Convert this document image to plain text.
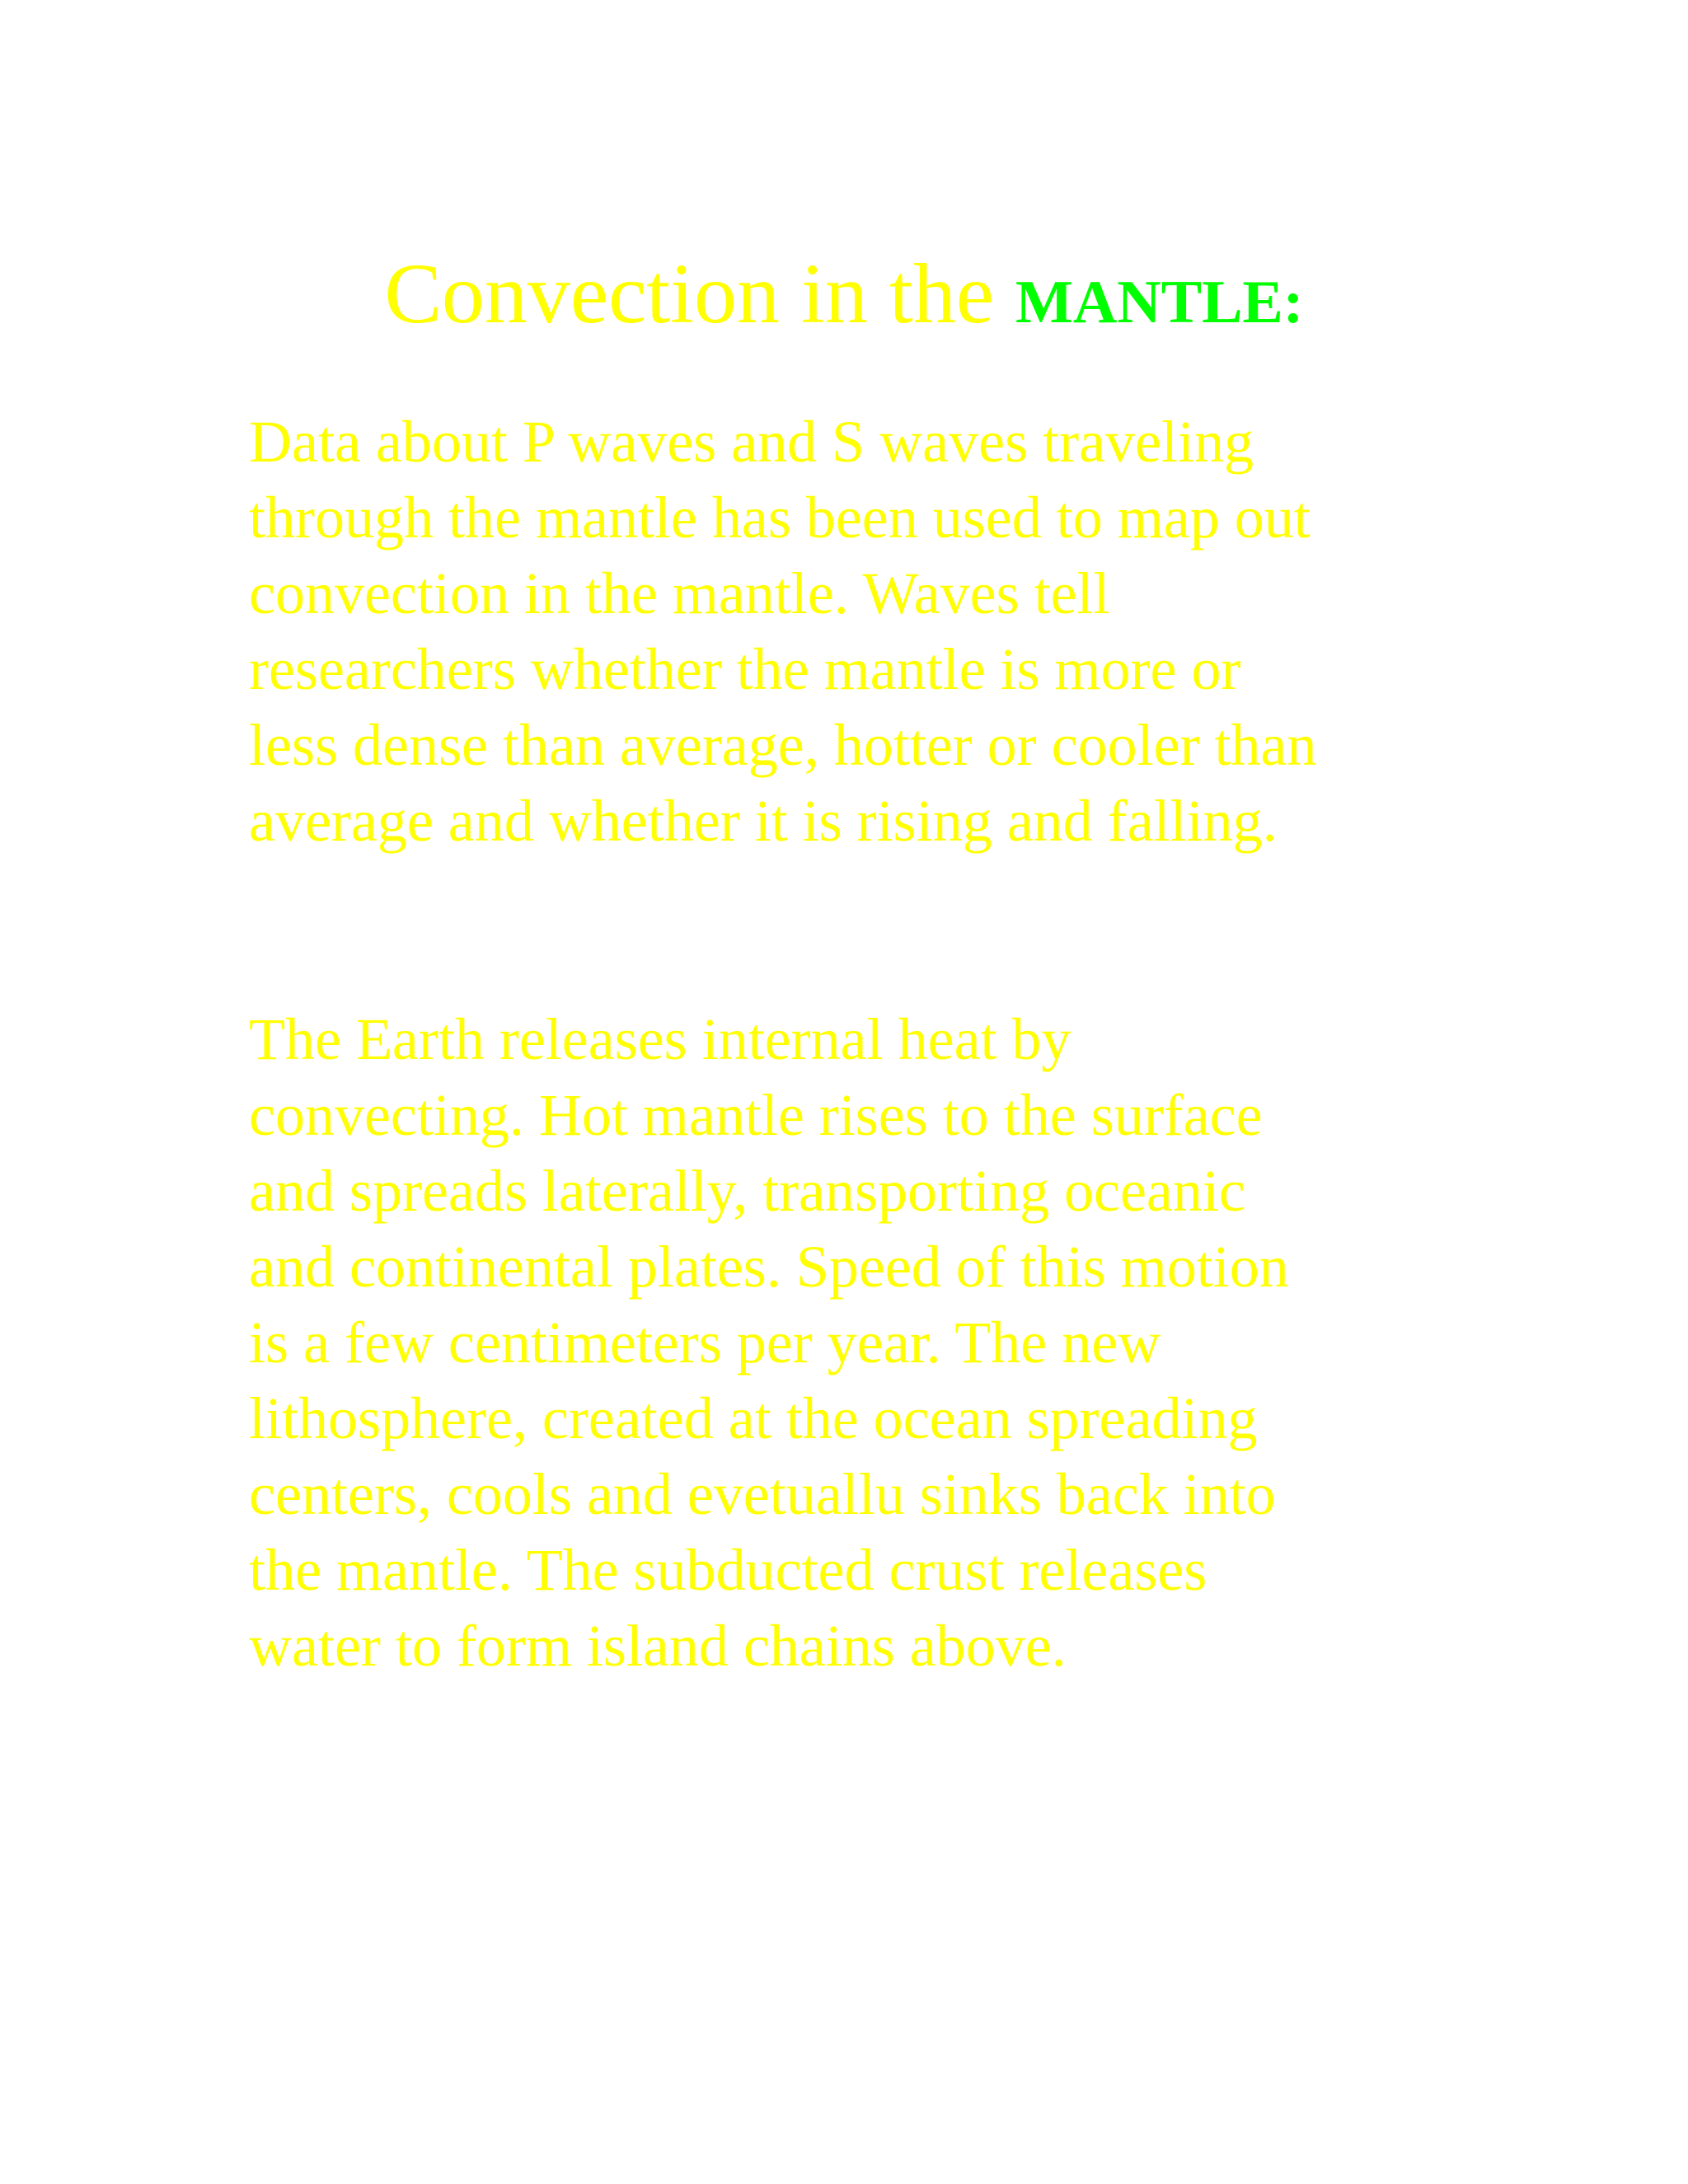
Convection in the MANTLE:

Data about P waves and S waves traveling
through the mantle has been used to map out
convection in the mantle. Waves tell
researchers whether the mantle is more or
less dense than average, hotter or cooler than
average and whether it is rising and falling.

The Earth releases internal heat by
convecting. Hot mantle rises to the surface
and spreads laterally, transporting oceanic
and continental plates. Speed of this motion
is a few centimeters per year. The new
lithosphere, created at the ocean spreading
centers, cools and evetuallu sinks back into
the mantle. The subducted crust releases
water to form island chains above.
